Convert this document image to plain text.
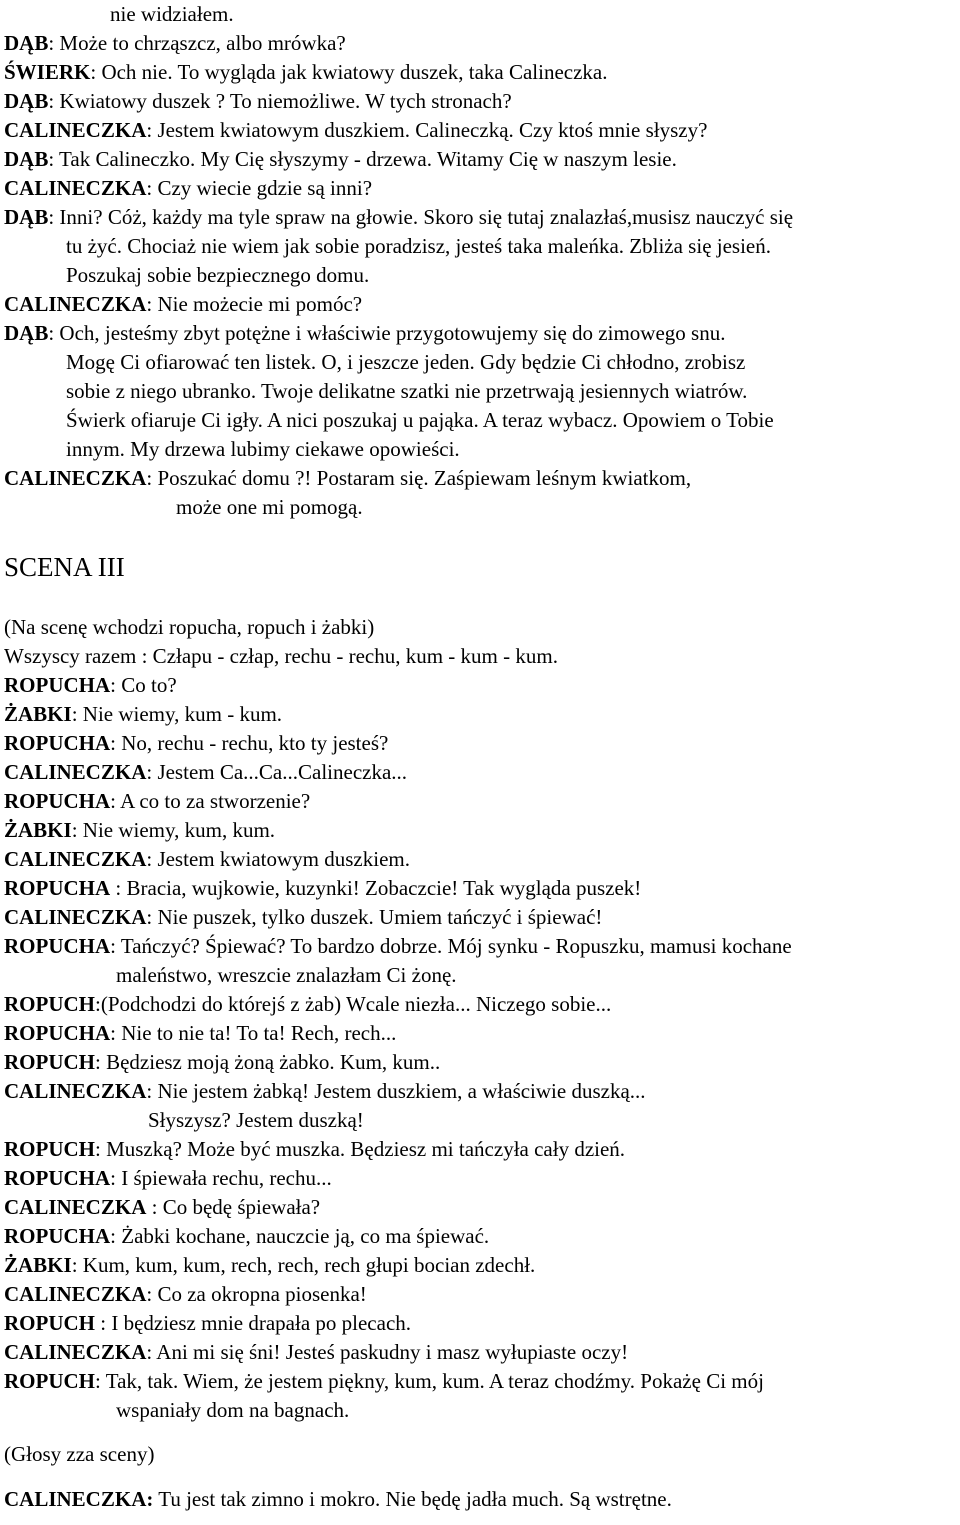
nie widziałem.
DĄB: Może to chrząszcz, albo mrówka?
ŚWIERK: Och nie. To wygląda jak kwiatowy duszek, taka Calineczka.
DĄB: Kwiatowy duszek ? To niemożliwe. W tych stronach?
CALINECZKA: Jestem kwiatowym duszkiem. Calineczką. Czy ktoś mnie słyszy?
DĄB: Tak Calineczko. My Cię słyszymy - drzewa. Witamy Cię w naszym lesie.
CALINECZKA: Czy wiecie gdzie są inni?
DĄB: Inni? Cóż, każdy ma tyle spraw na głowie. Skoro się tutaj znalazłaś,musisz nauczyć się
tu żyć. Chociaż nie wiem jak sobie poradzisz, jesteś taka maleńka. Zbliża się jesień.
Poszukaj sobie bezpiecznego domu.
CALINECZKA: Nie możecie mi pomóc?
DĄB: Och, jesteśmy zbyt potężne i właściwie przygotowujemy się do zimowego snu.
Mogę Ci ofiarować ten listek. O, i jeszcze jeden. Gdy będzie Ci chłodno, zrobisz
sobie z niego ubranko. Twoje delikatne szatki nie przetrwają jesiennych wiatrów.
Świerk ofiaruje Ci igły. A nici poszukaj u pająka. A teraz wybacz. Opowiem o Tobie
innym. My drzewa lubimy ciekawe opowieści.
CALINECZKA: Poszukać domu ?! Postaram się. Zaśpiewam leśnym kwiatkom,
może one mi pomogą.
SCENA III
(Na scenę wchodzi ropucha, ropuch i żabki)
Wszyscy razem : Człapu - człap, rechu - rechu, kum - kum - kum.
ROPUCHA: Co to?
ŻABKI: Nie wiemy, kum - kum.
ROPUCHA: No, rechu - rechu, kto ty jesteś?
CALINECZKA: Jestem Ca...Ca...Calineczka...
ROPUCHA: A co to za stworzenie?
ŻABKI: Nie wiemy, kum, kum.
CALINECZKA: Jestem kwiatowym duszkiem.
ROPUCHA : Bracia, wujkowie, kuzynki! Zobaczcie! Tak wygląda puszek!
CALINECZKA: Nie puszek, tylko duszek. Umiem tańczyć i śpiewać!
ROPUCHA: Tańczyć? Śpiewać? To bardzo dobrze. Mój synku - Ropuszku, mamusi kochane
maleństwo, wreszcie znalazłam Ci żonę.
ROPUCH:(Podchodzi do którejś z żab) Wcale niezła... Niczego sobie...
ROPUCHA: Nie to nie ta! To ta! Rech, rech...
ROPUCH: Będziesz moją żoną żabko. Kum, kum..
CALINECZKA: Nie jestem żabką! Jestem duszkiem, a właściwie duszką...
Słyszysz? Jestem duszką!
ROPUCH: Muszką? Może być muszka. Będziesz mi tańczyła cały dzień.
ROPUCHA: I śpiewała rechu, rechu...
CALINECZKA : Co będę śpiewała?
ROPUCHA: Żabki kochane, nauczcie ją, co ma śpiewać.
ŻABKI: Kum, kum, kum, rech, rech, rech głupi bocian zdechł.
CALINECZKA: Co za okropna piosenka!
ROPUCH : I będziesz mnie drapała po plecach.
CALINECZKA: Ani mi się śni! Jesteś paskudny i masz wyłupiaste oczy!
ROPUCH: Tak, tak. Wiem, że jestem piękny, kum, kum. A teraz chodźmy. Pokażę Ci mój
wspaniały dom na bagnach.
(Głosy zza sceny)
CALINECZKA: Tu jest tak zimno i mokro. Nie będę jadła much. Są wstrętne.
